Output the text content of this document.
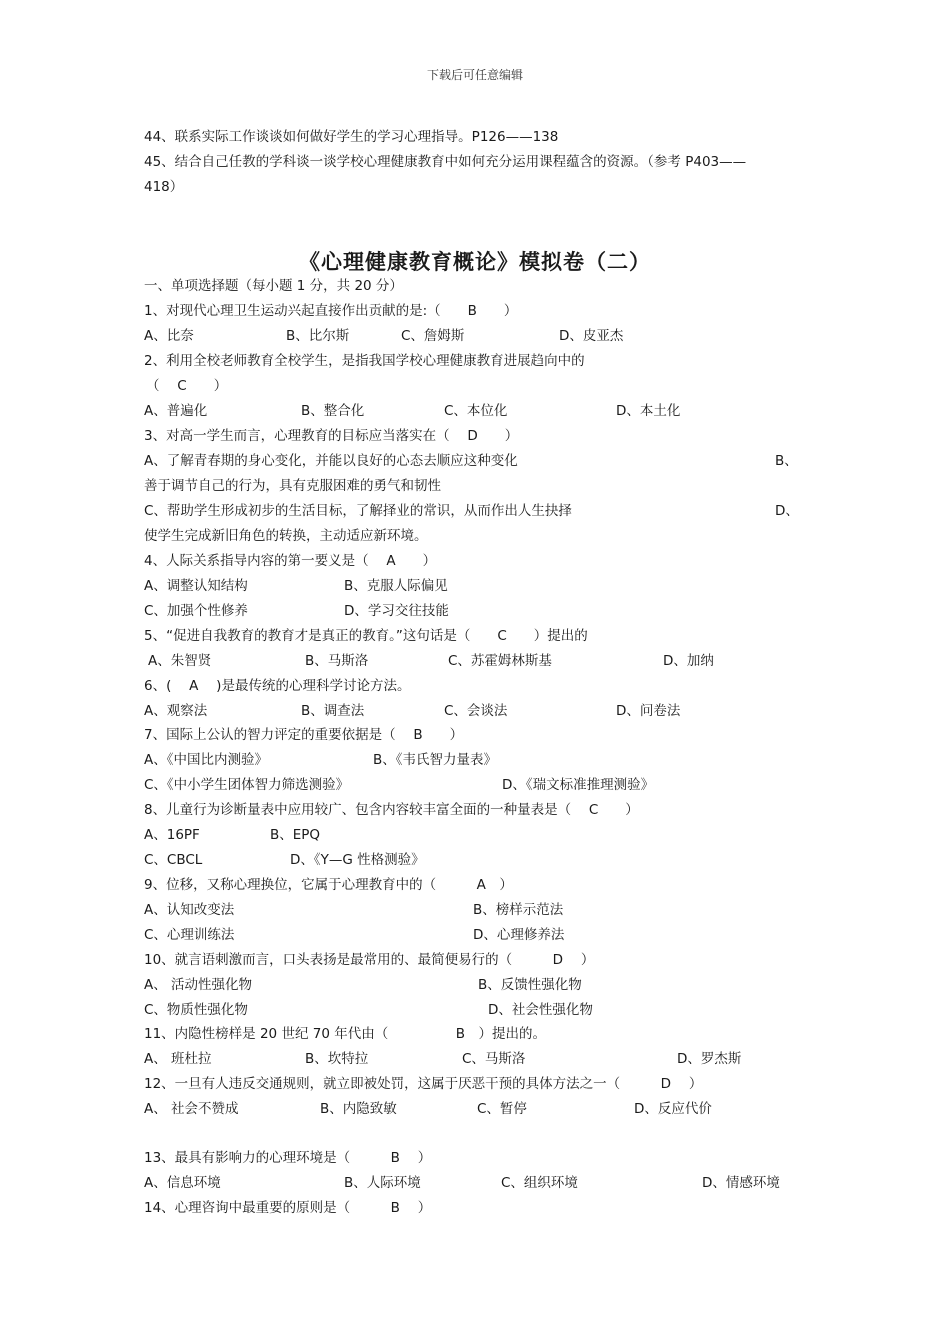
下载后可任意编辑
44、联系实际工作谈谈如何做好学生的学习心理指导。P126——138
45、结合自己任教的学科谈一谈学校心理健康教育中如何充分运用课程蕴含的资源。（参考 P403——
418）
《心理健康教育概论》模拟卷（二）
一、单项选择题（每小题 1 分，共 20 分）
1、对现代心理卫生运动兴起直接作出贡献的是:（　　B　　）
A、比奈	B、比尔斯	C、詹姆斯	D、皮亚杰
2、利用全校老师教育全校学生，是指我国学校心理健康教育进展趋向中的
（　 C　　）
A、普遍化	B、整合化	C、本位化	D、本土化
3、对高一学生而言，心理教育的目标应当落实在（　 D　　）
A、了解青春期的身心变化，并能以良好的心态去顺应这种变化	B、
善于调节自己的行为，具有克服困难的勇气和韧性
C、帮助学生形成初步的生活目标，了解择业的常识，从而作出人生抉择	D、
使学生完成新旧角色的转换，主动适应新环境。
4、人际关系指导内容的第一要义是（　 A　　）
A、调整认知结构	B、克服人际偏见
C、加强个性修养	D、学习交往技能
5、“促进自我教育的教育才是真正的教育。”这句话是（　　C　　）提出的
A、朱智贤	B、马斯洛	C、苏霍姆林斯基	D、加纳
6、(　 A　 )是最传统的心理科学讨论方法。
A、观察法	B、调查法	C、会谈法	D、问卷法
7、国际上公认的智力评定的重要依据是（　 B　　）
A、《中国比内测验》	B、《韦氏智力量表》
C、《中小学生团体智力筛选测验》	D、《瑞文标准推理测验》
8、儿童行为诊断量表中应用较广、包含内容较丰富全面的一种量表是（　 C　　）
A、16PF	B、EPQ
C、CBCL	D、《Y—G 性格测验》
9、位移，又称心理换位，它属于心理教育中的（　　　A　）
A、认知改变法	B、榜样示范法
C、心理训练法	D、心理修养法
10、就言语刺激而言，口头表扬是最常用的、最简便易行的（　　　D　 ）
A、 活动性强化物	B、反馈性强化物
C、物质性强化物	D、社会性强化物
11、内隐性榜样是 20 世纪 70 年代由（　　　　　B　）提出的。
A、 班杜拉	B、坎特拉	C、马斯洛	D、罗杰斯
12、一旦有人违反交通规则，就立即被处罚，这属于厌恶干预的具体方法之一（　　　D　 ）
A、 社会不赞成	B、内隐致敏	C、暂停	D、反应代价
13、最具有影响力的心理环境是（　　　B　 ）
A、信息环境	B、人际环境	C、组织环境	D、情感环境
14、心理咨询中最重要的原则是（　　　B　 ）
